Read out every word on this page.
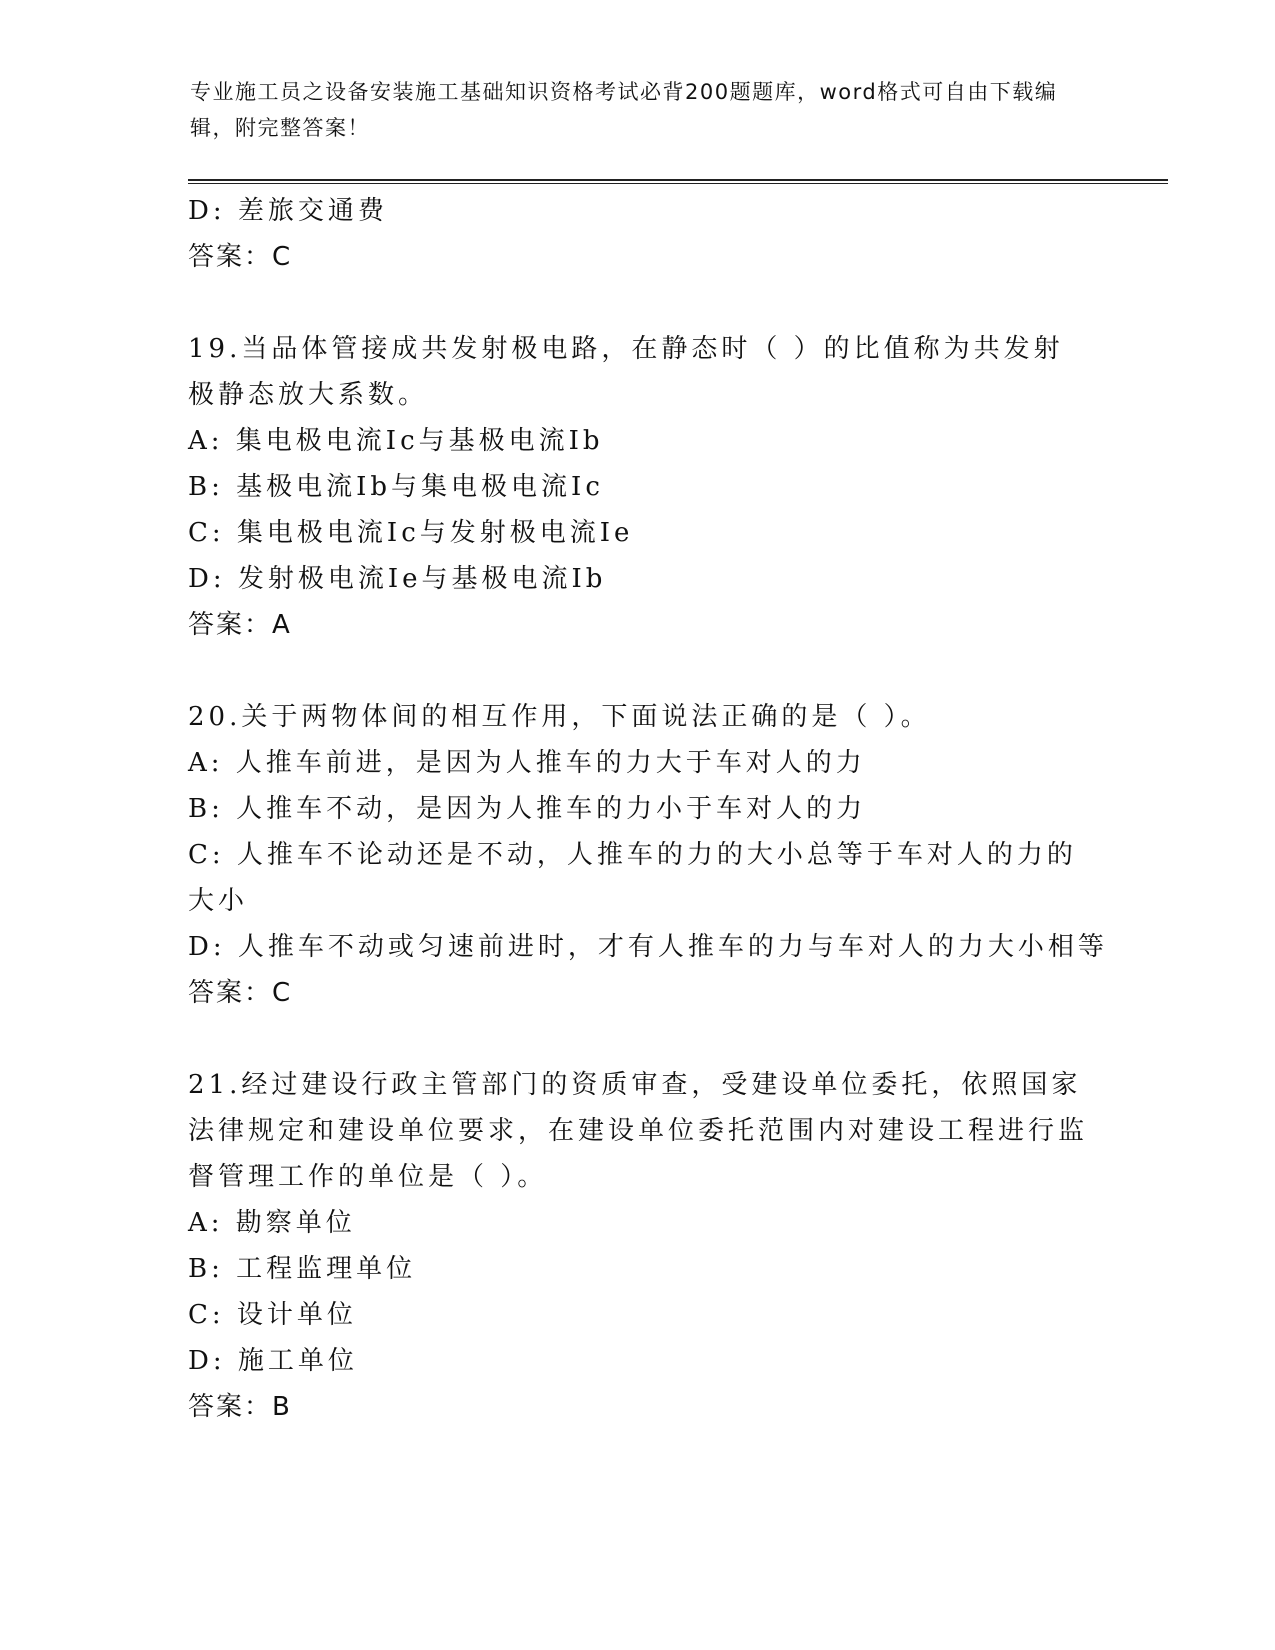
专业施工员之设备安装施工基础知识资格考试必背200题题库，word格式可自由下载编辑，附完整答案！
D: 差旅交通费
答案：C
19.当品体管接成共发射极电路，在静态时（ ）的比值称为共发射极静态放大系数。
A: 集电极电流Ic与基极电流Ib
B: 基极电流Ib与集电极电流Ic
C: 集电极电流Ic与发射极电流Ie
D: 发射极电流Ie与基极电流Ib
答案：A
20.关于两物体间的相互作用，下面说法正确的是（ ）。
A: 人推车前进，是因为人推车的力大于车对人的力
B: 人推车不动，是因为人推车的力小于车对人的力
C: 人推车不论动还是不动，人推车的力的大小总等于车对人的力的大小
D: 人推车不动或匀速前进时，才有人推车的力与车对人的力大小相等
答案：C
21.经过建设行政主管部门的资质审查，受建设单位委托，依照国家法律规定和建设单位要求，在建设单位委托范围内对建设工程进行监督管理工作的单位是（ ）。
A: 勘察单位
B: 工程监理单位
C: 设计单位
D: 施工单位
答案：B
